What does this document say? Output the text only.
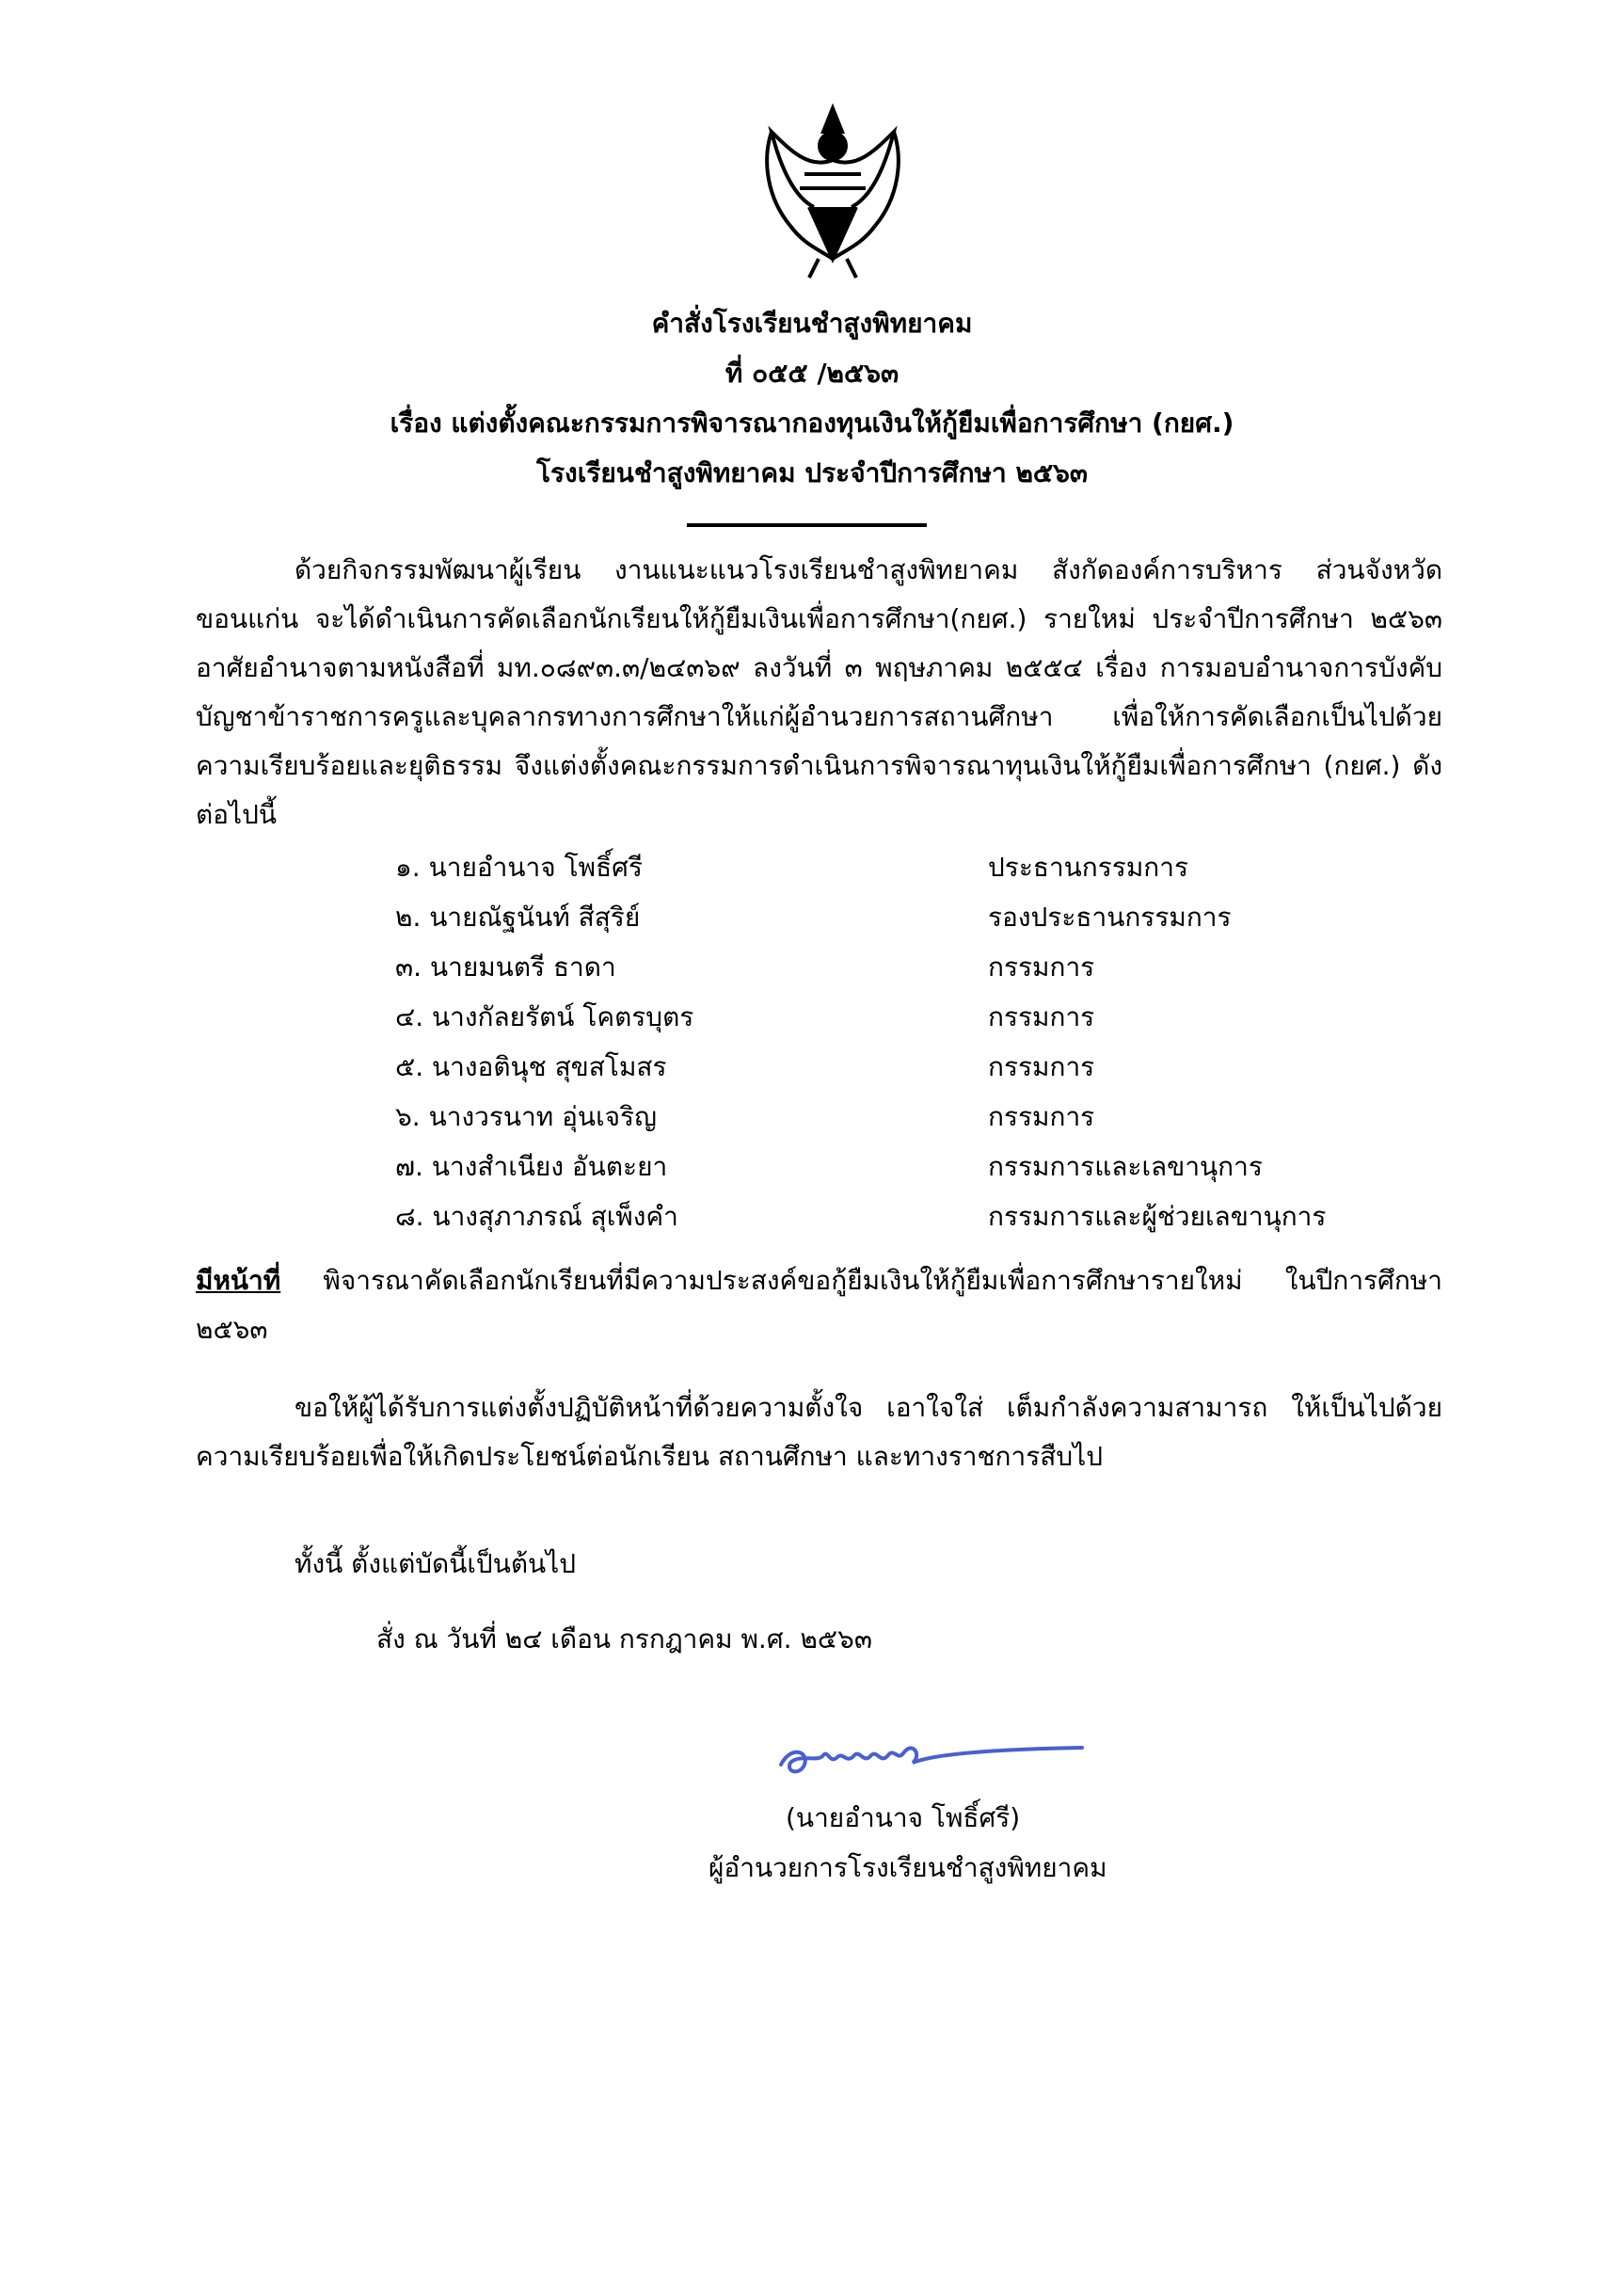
คำสั่งโรงเรียนชำสูงพิทยาคม
ที่ ๐๕๕ /๒๕๖๓
เรื่อง แต่งตั้งคณะกรรมการพิจารณากองทุนเงินให้กู้ยืมเพื่อการศึกษา (กยศ.)
โรงเรียนชำสูงพิทยาคม ประจำปีการศึกษา ๒๕๖๓
ด้วยกิจกรรมพัฒนาผู้เรียน งานแนะแนวโรงเรียนชำสูงพิทยาคม สังกัดองค์การบริหาร ส่วนจังหวัดขอนแก่น จะได้ดำเนินการคัดเลือกนักเรียนให้กู้ยืมเงินเพื่อการศึกษา(กยศ.) รายใหม่ ประจำปีการศึกษา ๒๕๖๓ อาศัยอำนาจตามหนังสือที่ มท.๐๘๙๓.๓/๒๔๓๖๙ ลงวันที่ ๓ พฤษภาคม ๒๕๕๔ เรื่อง การมอบอำนาจการบังคับบัญชาข้าราชการครูและบุคลากรทางการศึกษาให้แก่ผู้อำนวยการสถานศึกษา เพื่อให้การคัดเลือกเป็นไปด้วยความเรียบร้อยและยุติธรรม จึงแต่งตั้งคณะกรรมการดำเนินการพิจารณาทุนเงินให้กู้ยืมเพื่อการศึกษา (กยศ.) ดังต่อไปนี้
๑. นายอำนาจ โพธิ์ศรี	ประธานกรรมการ
๒. นายณัฐนันท์ สีสุริย์	รองประธานกรรมการ
๓. นายมนตรี ธาดา	กรรมการ
๔. นางกัลยรัตน์ โคตรบุตร	กรรมการ
๕. นางอตินุช สุขสโมสร	กรรมการ
๖. นางวรนาท อุ่นเจริญ	กรรมการ
๗. นางสำเนียง อันตะยา	กรรมการและเลขานุการ
๘. นางสุภาภรณ์ สุเพ็งคำ	กรรมการและผู้ช่วยเลขานุการ
มีหน้าที่ พิจารณาคัดเลือกนักเรียนที่มีความประสงค์ขอกู้ยืมเงินให้กู้ยืมเพื่อการศึกษารายใหม่ ในปีการศึกษา ๒๕๖๓
ขอให้ผู้ได้รับการแต่งตั้งปฏิบัติหน้าที่ด้วยความตั้งใจ เอาใจใส่ เต็มกำลังความสามารถ ให้เป็นไปด้วยความเรียบร้อยเพื่อให้เกิดประโยชน์ต่อนักเรียน สถานศึกษา และทางราชการสืบไป
ทั้งนี้ ตั้งแต่บัดนี้เป็นต้นไป
สั่ง ณ วันที่ ๒๔ เดือน กรกฎาคม พ.ศ. ๒๕๖๓
(นายอำนาจ โพธิ์ศรี)
ผู้อำนวยการโรงเรียนชำสูงพิทยาคม
